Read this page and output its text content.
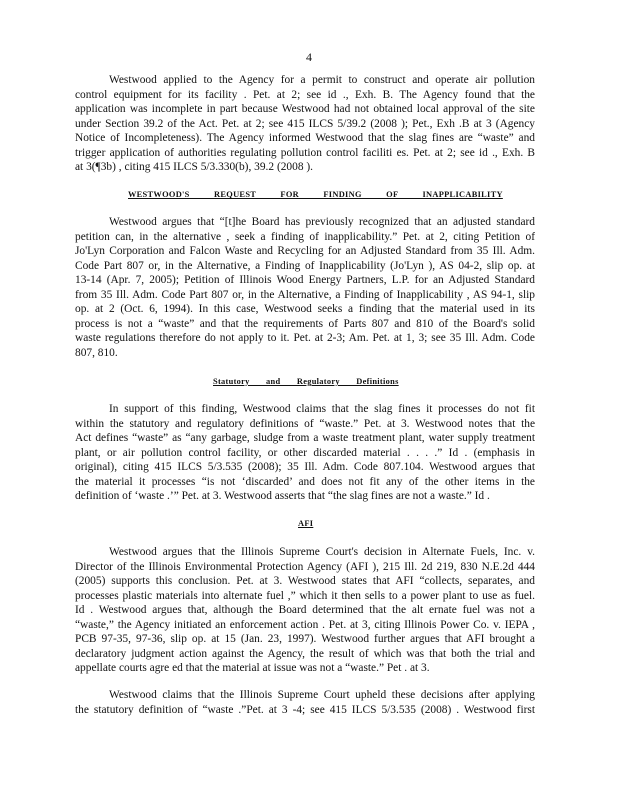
4
Westwood applied to the Agency for a permit to construct and operate air pollution
control equipment for its facility . Pet. at 2; see id ., Exh. B. The Agency found that the
application was incomplete in part because Westwood had not obtained local approval of the site
under Section 39.2 of the Act. Pet. at 2; see 415 ILCS 5/39.2 (2008 ); Pet., Exh .B at 3 (Agency
Notice of Incompleteness). The Agency informed Westwood that the slag fines are “waste” and
trigger application of authorities regulating pollution control faciliti es. Pet. at 2; see id ., Exh. B
at 3(¶3b) , citing 415 ILCS 5/3.330(b), 39.2 (2008 ).
WESTWOOD'S REQUEST FOR FINDING OF INAPPLICABILITY
Westwood argues that “[t]he Board has previously recognized that an adjusted standard
petition can, in the alternative , seek a finding of inapplicability.” Pet. at 2, citing Petition of
Jo'Lyn Corporation and Falcon Waste and Recycling for an Adjusted Standard from 35 Ill. Adm.
Code Part 807 or, in the Alternative, a Finding of Inapplicability (Jo'Lyn ), AS 04-2, slip op. at
13-14 (Apr. 7, 2005); Petition of Illinois Wood Energy Partners, L.P. for an Adjusted Standard
from 35 Ill. Adm. Code Part 807 or, in the Alternative, a Finding of Inapplicability , AS 94-1, slip
op. at 2 (Oct. 6, 1994). In this case, Westwood seeks a finding that the material used in its
process is not a “waste” and that the requirements of Parts 807 and 810 of the Board's solid
waste regulations therefore do not apply to it. Pet. at 2-3; Am. Pet. at 1, 3; see 35 Ill. Adm. Code
807, 810.
Statutory and Regulatory Definitions
In support of this finding, Westwood claims that the slag fines it processes do not fit
within the statutory and regulatory definitions of “waste.” Pet. at 3. Westwood notes that the
Act defines “waste” as “any garbage, sludge from a waste treatment plant, water supply treatment
plant, or air pollution control facility, or other discarded material . . . .” Id . (emphasis in
original), citing 415 ILCS 5/3.535 (2008); 35 Ill. Adm. Code 807.104. Westwood argues that
the material it processes “is not ‘discarded’ and does not fit any of the other items in the
definition of ‘waste .’” Pet. at 3. Westwood asserts that “the slag fines are not a waste.” Id .
AFI
Westwood argues that the Illinois Supreme Court's decision in Alternate Fuels, Inc. v.
Director of the Illinois Environmental Protection Agency (AFI ), 215 Ill. 2d 219, 830 N.E.2d 444
(2005) supports this conclusion. Pet. at 3. Westwood states that AFI “collects, separates, and
processes plastic materials into alternate fuel ,” which it then sells to a power plant to use as fuel.
Id . Westwood argues that, although the Board determined that the alt ernate fuel was not a
“waste,” the Agency initiated an enforcement action . Pet. at 3, citing Illinois Power Co. v. IEPA ,
PCB 97-35, 97-36, slip op. at 15 (Jan. 23, 1997). Westwood further argues that AFI brought a
declaratory judgment action against the Agency, the result of which was that both the trial and
appellate courts agre ed that the material at issue was not a “waste.” Pet . at 3.
Westwood claims that the Illinois Supreme Court upheld these decisions after applying
the statutory definition of “waste .”Pet. at 3 -4; see 415 ILCS 5/3.535 (2008) . Westwood first
